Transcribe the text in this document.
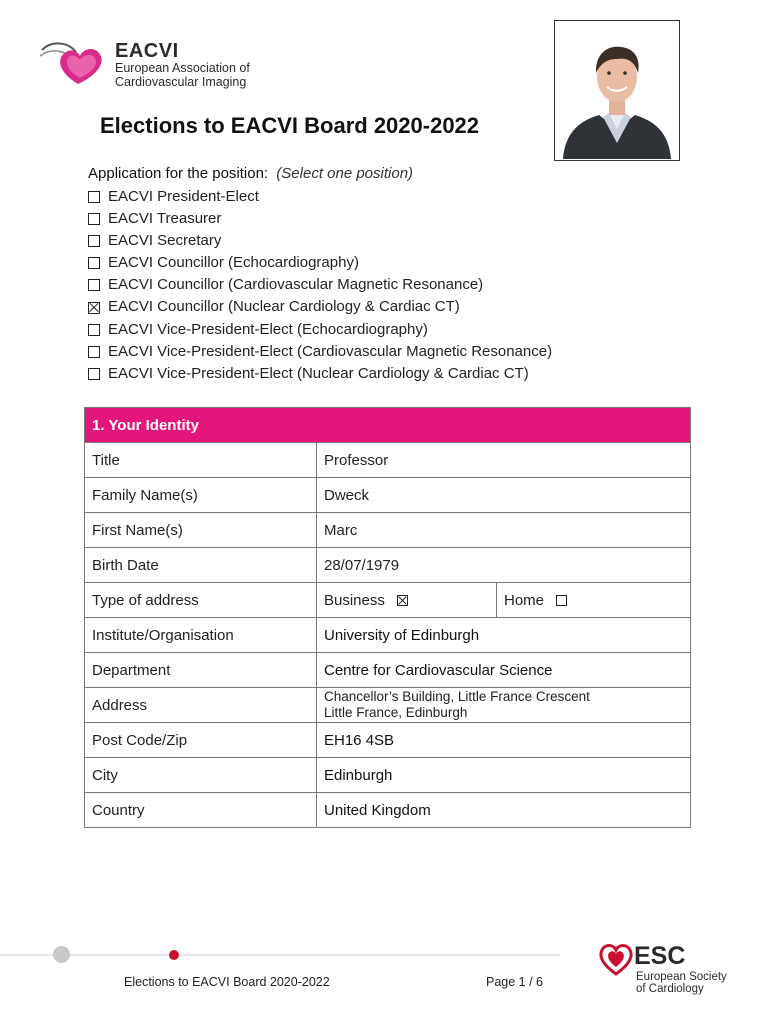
EACVI
European Association of
Cardiovascular Imaging
Elections to EACVI Board 2020-2022
Application for the position: (Select one position)
EACVI President-Elect
EACVI Treasurer
EACVI Secretary
EACVI Councillor (Echocardiography)
EACVI Councillor (Cardiovascular Magnetic Resonance)
EACVI Councillor (Nuclear Cardiology & Cardiac CT)
EACVI Vice-President-Elect (Echocardiography)
EACVI Vice-President-Elect (Cardiovascular Magnetic Resonance)
EACVI Vice-President-Elect (Nuclear Cardiology & Cardiac CT)
1. Your Identity		
Title	Professor	
Family Name(s)	Dweck	
First Name(s)	Marc	
Birth Date	28/07/1979	
Type of address	Business	Home
Institute/Organisation	University of Edinburgh	
Department	Centre for Cardiovascular Science	
Address	Chancellor’s Building, Little France Crescent
Little France, Edinburgh	

Post Code/Zip	EH16 4SB	
City	Edinburgh	
Country	United Kingdom	
Elections to EACVI Board 2020-2022	Page 1 / 6
ESC
European Society
of Cardiology
